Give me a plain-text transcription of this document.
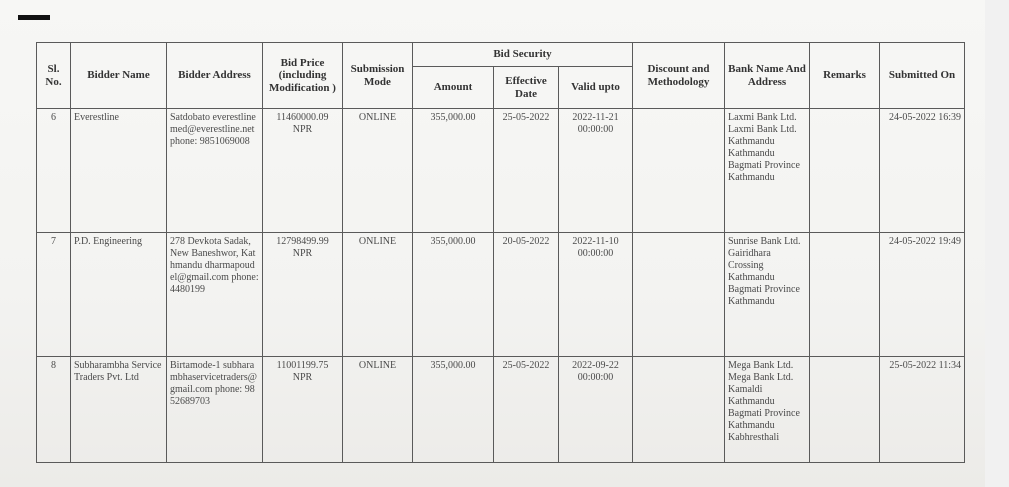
Sl. No.	Bidder Name	Bidder Address	Bid Price (including Modification )	Submission Mode	Bid Security			Discount and Methodology	Bank Name And Address	Remarks	Submitted On
					Amount	Effective Date	Valid upto				
6	Everestline	Satdobato everestlinemed@everestline.net phone: 9851069008	11460000.09 NPR	ONLINE	355,000.00	25-05-2022	2022-11-21 00:00:00		Laxmi Bank Ltd. Laxmi Bank Ltd. Kathmandu Kathmandu Bagmati Province Kathmandu		24-05-2022 16:39
7	P.D. Engineering	278 Devkota Sadak, New Baneshwor, Kathmandu dharmapoudel@gmail.com phone: 4480199	12798499.99 NPR	ONLINE	355,000.00	20-05-2022	2022-11-10 00:00:00		Sunrise Bank Ltd. Gairidhara Crossing Kathmandu Bagmati Province Kathmandu		24-05-2022 19:49
8	Subharambha Service Traders Pvt. Ltd	Birtamode-1 subharambhaservicetraders@gmail.com phone: 9852689703	11001199.75 NPR	ONLINE	355,000.00	25-05-2022	2022-09-22 00:00:00		Mega Bank Ltd. Mega Bank Ltd. Kamaldi Kathmandu Bagmati Province Kathmandu Kabhresthali		25-05-2022 11:34
